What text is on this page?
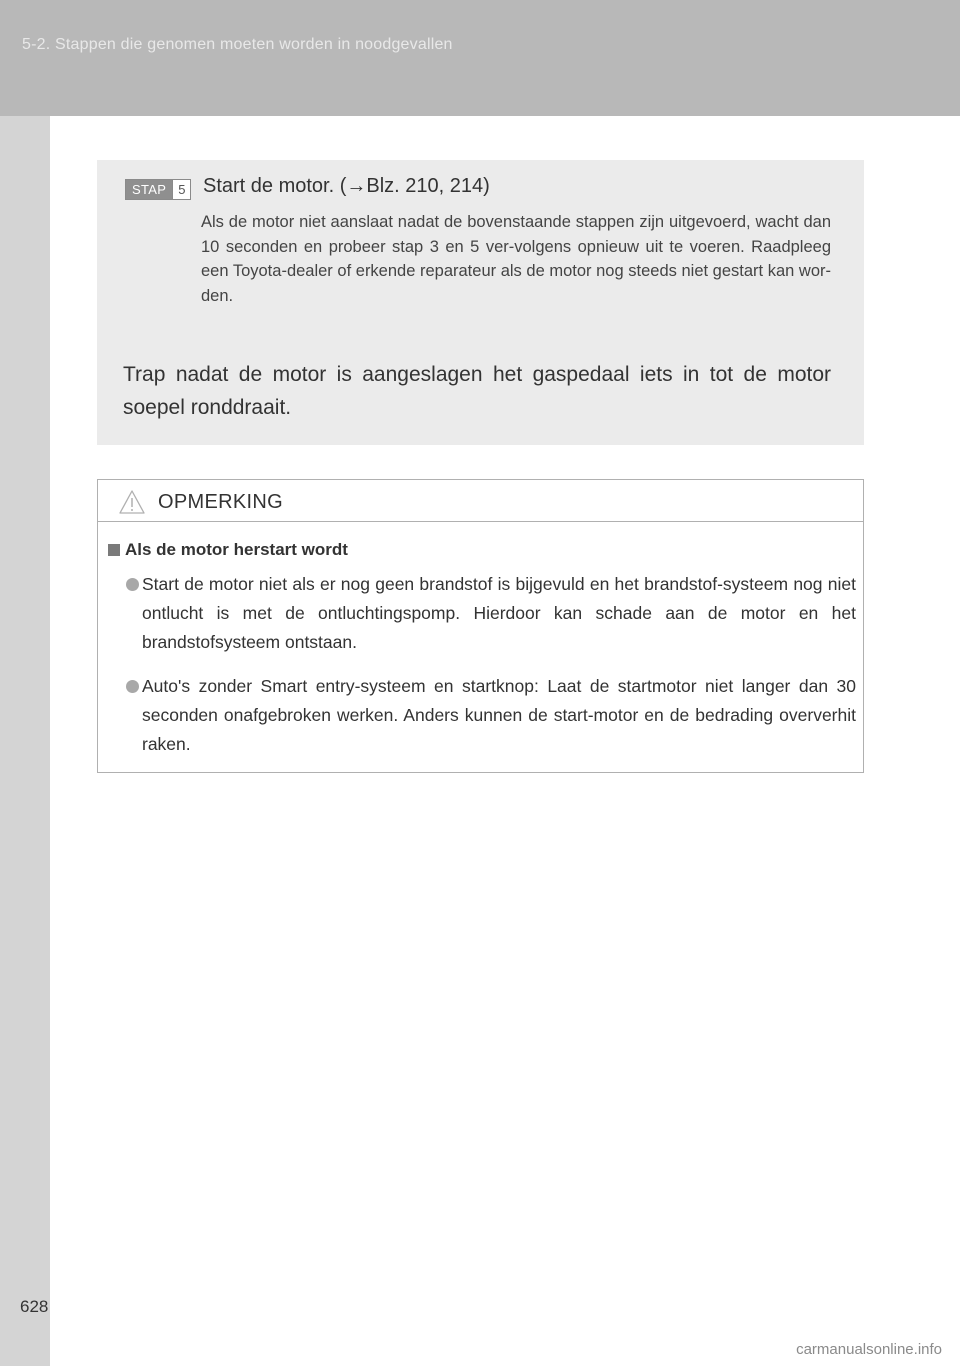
5-2. Stappen die genomen moeten worden in noodgevallen
STAP 5 Start de motor. (→Blz. 210, 214)
Als de motor niet aanslaat nadat de bovenstaande stappen zijn uitgevoerd, wacht dan 10 seconden en probeer stap 3 en 5 ver-volgens opnieuw uit te voeren. Raadpleeg een Toyota-dealer of erkende reparateur als de motor nog steeds niet gestart kan wor-den.
Trap nadat de motor is aangeslagen het gaspedaal iets in tot de motor soepel ronddraait.
OPMERKING
Als de motor herstart wordt
Start de motor niet als er nog geen brandstof is bijgevuld en het brandstof-systeem nog niet ontlucht is met de ontluchtingspomp. Hierdoor kan schade aan de motor en het brandstofsysteem ontstaan.
Auto's zonder Smart entry-systeem en startknop: Laat de startmotor niet langer dan 30 seconden onafgebroken werken. Anders kunnen de start-motor en de bedrading oververhit raken.
628
carmanualsonline.info
